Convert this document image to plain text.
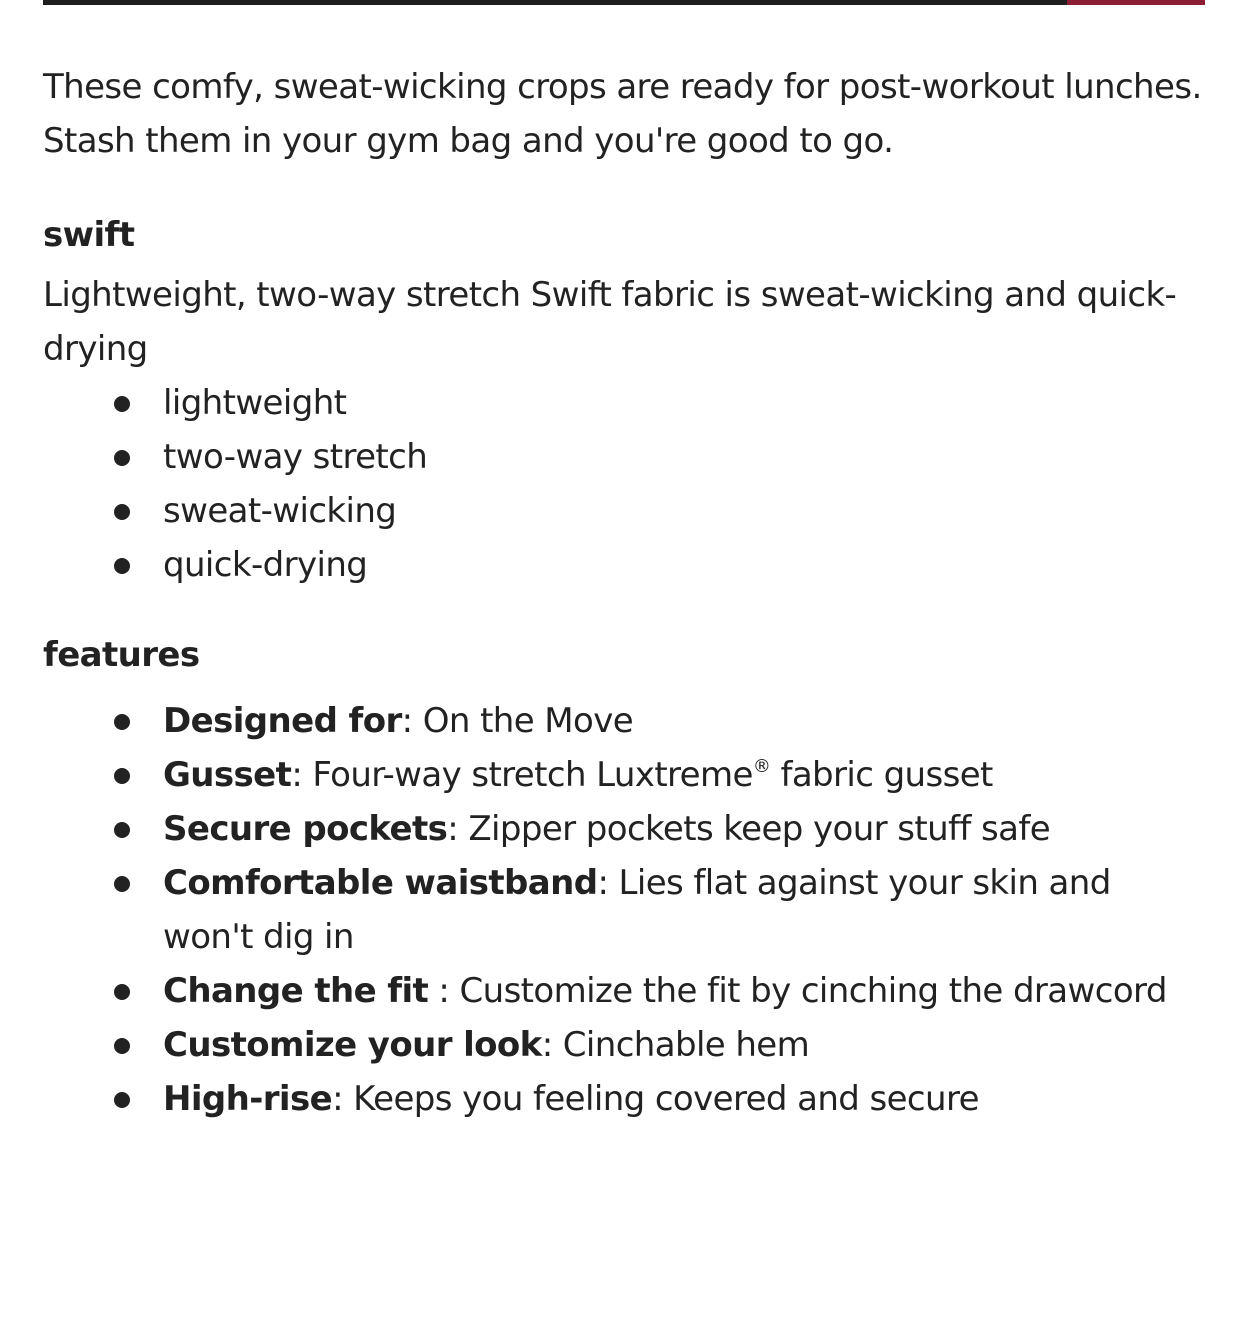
These comfy, sweat-wicking crops are ready for post-workout lunches. Stash them in your gym bag and you're good to go.

swift

Lightweight, two-way stretch Swift fabric is sweat-wicking and quick-drying

lightweight
two-way stretch
sweat-wicking
quick-drying
features
Designed for: On the Move
Gusset: Four-way stretch Luxtreme® fabric gusset
Secure pockets: Zipper pockets keep your stuff safe
Comfortable waistband: Lies flat against your skin and won't dig in
Change the fit : Customize the fit by cinching the drawcord
Customize your look: Cinchable hem
High-rise: Keeps you feeling covered and secure
